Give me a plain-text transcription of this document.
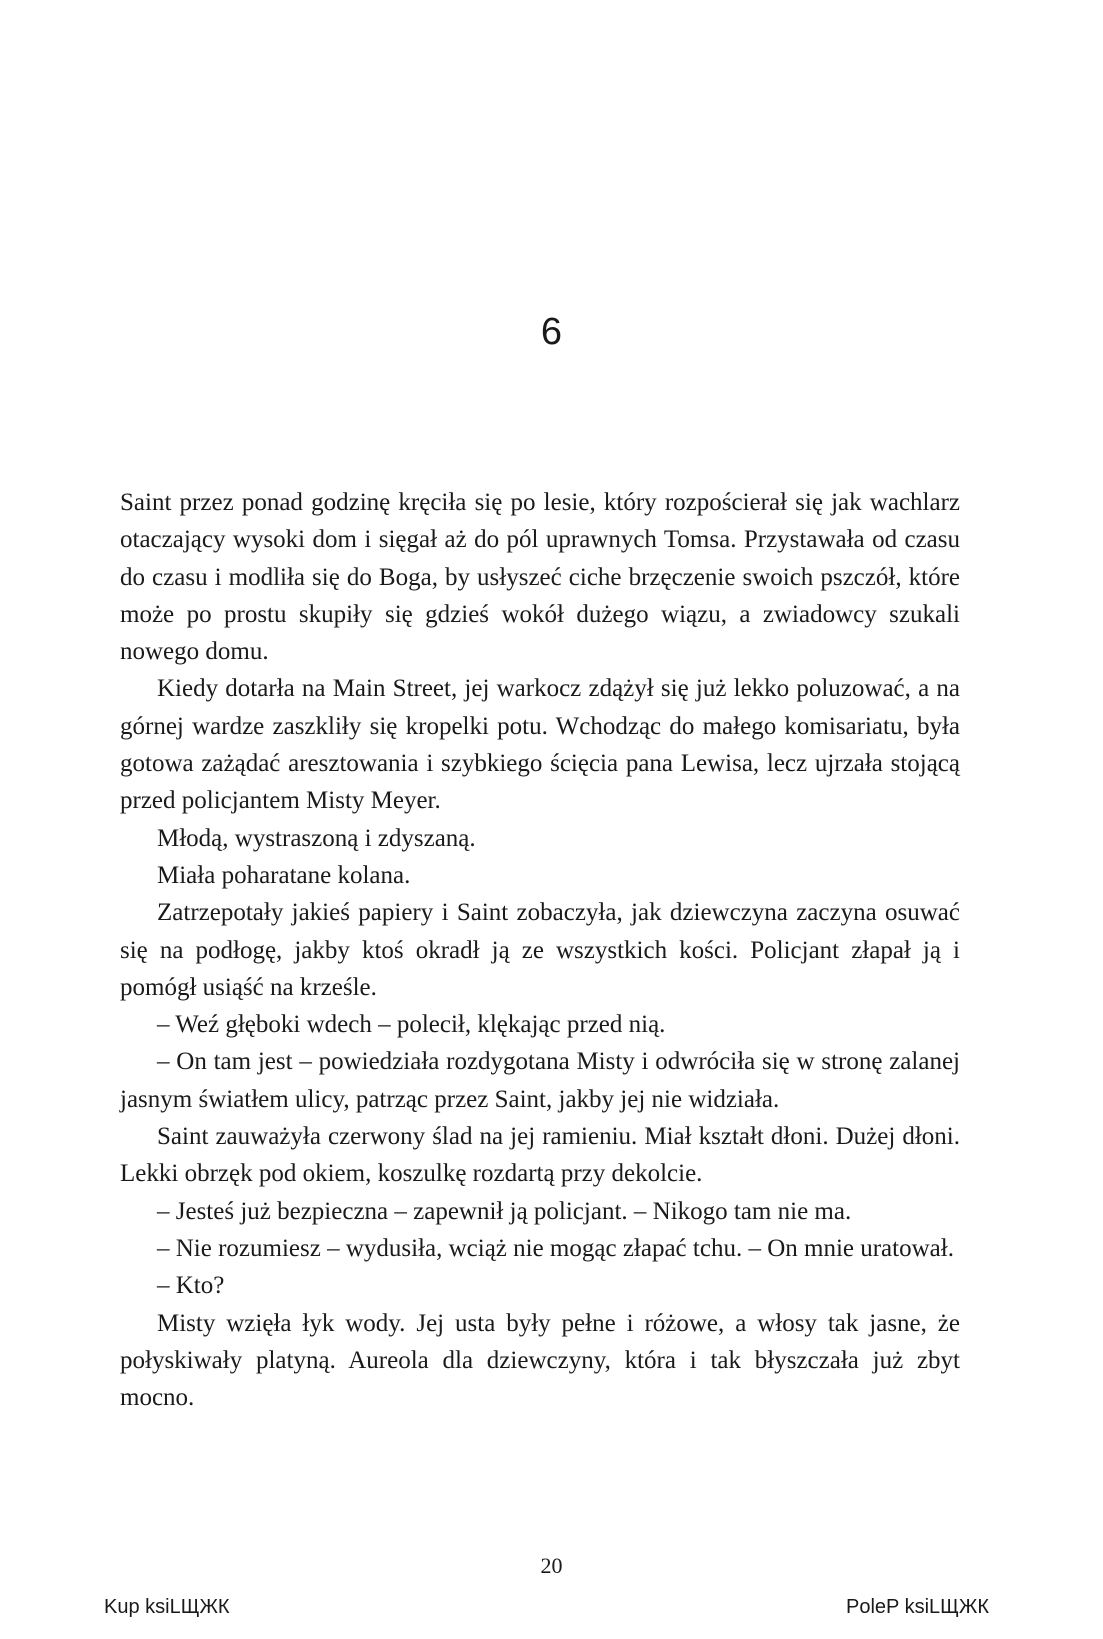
6

Saint przez ponad godzinę kręciła się po lesie, który rozpościerał się jak wachlarz otaczający wysoki dom i sięgał aż do pól uprawnych Tomsa. Przystawała od czasu do czasu i modliła się do Boga, by usłyszeć ciche brzęczenie swoich pszczół, które może po prostu skupiły się gdzieś wokół dużego wiązu, a zwiadowcy szukali nowego domu.

Kiedy dotarła na Main Street, jej warkocz zdążył się już lekko poluzować, a na górnej wardze zaszkliły się kropelki potu. Wchodząc do małego komisariatu, była gotowa zażądać aresztowania i szybkiego ścięcia pana Lewisa, lecz ujrzała stojącą przed policjantem Misty Meyer.

Młodą, wystraszoną i zdyszaną.

Miała poharatane kolana.

Zatrzepotały jakieś papiery i Saint zobaczyła, jak dziewczyna zaczyna osuwać się na podłogę, jakby ktoś okradł ją ze wszystkich kości. Policjant złapał ją i pomógł usiąść na krześle.

– Weź głęboki wdech – polecił, klękając przed nią.

– On tam jest – powiedziała rozdygotana Misty i odwróciła się w stronę zalanej jasnym światłem ulicy, patrząc przez Saint, jakby jej nie widziała.

Saint zauważyła czerwony ślad na jej ramieniu. Miał kształt dłoni. Dużej dłoni. Lekki obrzęk pod okiem, koszulkę rozdartą przy dekolcie.

– Jesteś już bezpieczna – zapewnił ją policjant. – Nikogo tam nie ma.

– Nie rozumiesz – wydusiła, wciąż nie mogąc złapać tchu. – On mnie uratował.

– Kto?

Misty wzięła łyk wody. Jej usta były pełne i różowe, a włosy tak jasne, że połyskiwały platyną. Aureola dla dziewczyny, która i tak błyszczała już zbyt mocno.

20
Kup ksiLЩЖК	PoleP ksiLЩЖК
